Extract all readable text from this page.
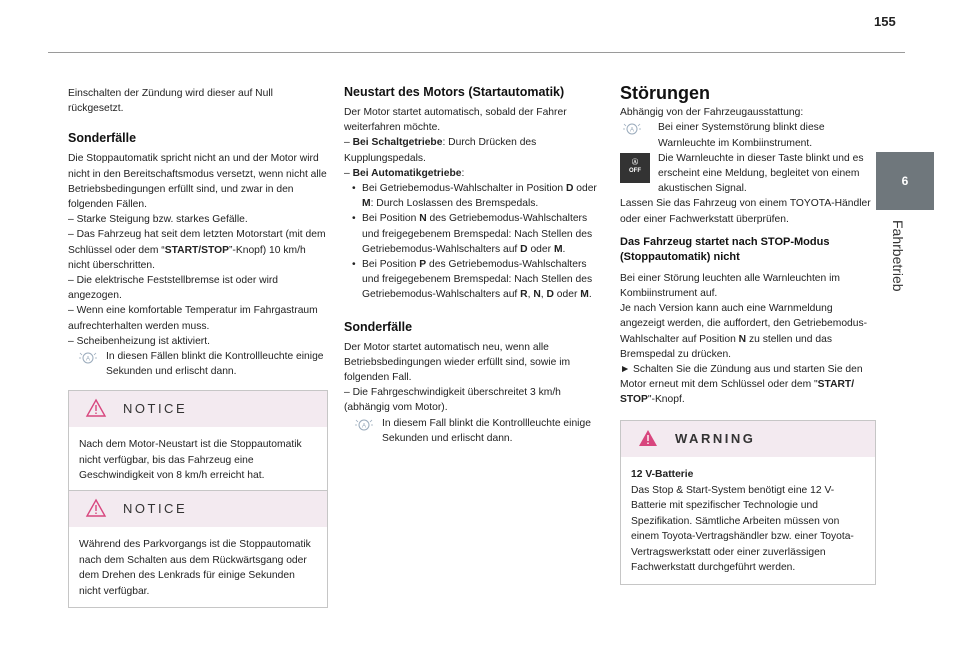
155
6
Fahrbetrieb

Einschalten der Zündung wird dieser auf Null rückgesetzt.

Sonderfälle

Die Stoppautomatik spricht nicht an und der Motor wird nicht in den Bereitschaftsmodus versetzt, wenn nicht alle Betriebsbedingungen erfüllt sind, und zwar in den folgenden Fällen.

– Starke Steigung bzw. starkes Gefälle.

– Das Fahrzeug hat seit dem letzten Motorstart (mit dem Schlüssel oder dem “START/STOP”-Knopf) 10 km/h nicht überschritten.

– Die elektrische Feststellbremse ist oder wird angezogen.

– Wenn eine komfortable Temperatur im Fahrgastraum aufrechterhalten werden muss.

– Scheibenheizung ist aktiviert.

A In diesen Fällen blinkt die Kontrollleuchte einige Sekunden und erlischt dann.

NOTICE
Nach dem Motor-Neustart ist die Stoppautomatik nicht verfügbar, bis das Fahrzeug eine Geschwindigkeit von 8 km/h erreicht hat.
NOTICE
Während des Parkvorgangs ist die Stoppautomatik nach dem Schalten aus dem Rückwärtsgang oder dem Drehen des Lenkrads für einige Sekunden nicht verfügbar.
Neustart des Motors (Startautomatik)

Der Motor startet automatisch, sobald der Fahrer weiterfahren möchte.

– Bei Schaltgetriebe: Durch Drücken des Kupplungspedals.

– Bei Automatikgetriebe:

• Bei Getriebemodus-Wahlschalter in Position D oder M: Durch Loslassen des Bremspedals.

• Bei Position N des Getriebemodus-Wahlschalters und freigegebenem Bremspedal: Nach Stellen des Getriebemodus-Wahlschalters auf D oder M.

• Bei Position P des Getriebemodus-Wahlschalters und freigegebenem Bremspedal: Nach Stellen des Getriebemodus-Wahlschalters auf R, N, D oder M.

Sonderfälle

Der Motor startet automatisch neu, wenn alle Betriebsbedingungen wieder erfüllt sind, sowie im folgenden Fall.

– Die Fahrgeschwindigkeit überschreitet 3 km/h (abhängig vom Motor).

A In diesem Fall blinkt die Kontrollleuchte einige Sekunden und erlischt dann.

Störungen

Abhängig von der Fahrzeugausstattung:

A Bei einer Systemstörung blinkt diese Warnleuchte im Kombiinstrument.

Ⓐ
OFF
Die Warnleuchte in dieser Taste blinkt und es erscheint eine Meldung, begleitet von einem akustischen Signal.

Lassen Sie das Fahrzeug von einem TOYOTA-Händler oder einer Fachwerkstatt überprüfen.

Das Fahrzeug startet nach STOP-Modus (Stoppautomatik) nicht

Bei einer Störung leuchten alle Warnleuchten im Kombiinstrument auf.

Je nach Version kann auch eine Warnmeldung angezeigt werden, die auffordert, den Getriebemodus-Wahlschalter auf Position N zu stellen und das Bremspedal zu drücken.

► Schalten Sie die Zündung aus und starten Sie den Motor erneut mit dem Schlüssel oder dem "START/ STOP"-Knopf.

WARNING
12 V-Batterie
Das Stop & Start-System benötigt eine 12 V-Batterie mit spezifischer Technologie und Spezifikation. Sämtliche Arbeiten müssen von einem Toyota-Vertragshändler bzw. einer Toyota-Vertragswerkstatt oder einer zuverlässigen Fachwerkstatt durchgeführt werden.
